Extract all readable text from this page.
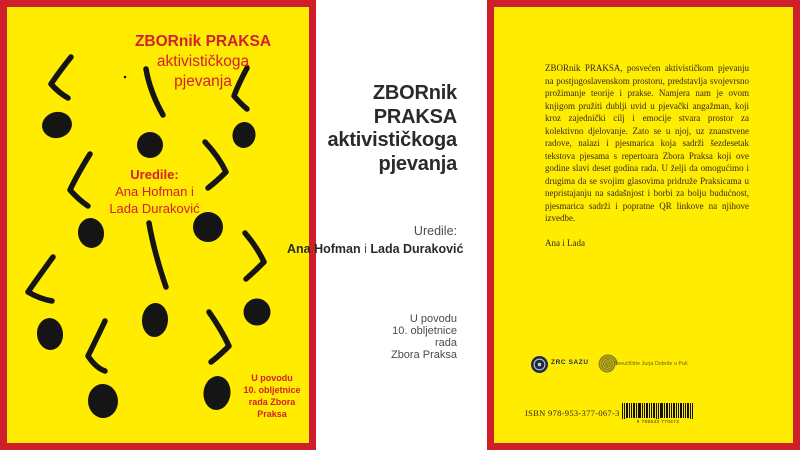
ZBORnik PRAKSA
aktivističkoga
pjevanja
Uredile:
Ana Hofman i
Lada Duraković
U povodu
10. obljetnice
rada Zbora
Praksa
ZBORnik
PRAKSA
aktivističkoga
pjevanja
Uredile:
Ana Hofman i Lada Duraković
U povodu
10. obljetnice
rada
Zbora Praksa
ZBORnik PRAKSA, posvećen aktivističkom pjevanju na postjugoslavenskom prostoru, predstavlja svojevrsno prožimanje teorije i prakse. Namjera nam je ovom knjigom pružiti dublji uvid u pjevački angažman, koji kroz zajednički cilj i emocije stvara prostor za kolektivno djelovanje. Zato se u njoj, uz znanstvene radove, nalazi i pjesmarica koja sadrži šezdesetak tekstova pjesama s repertoara Zbora Praksa koji ove godine slavi deset godina rada. U želji da omogućimo i drugima da se svojim glasovima pridruže Praksicama u nepristajanju na sadašnjost i borbi za bolju budućnost, pjesmarica sadrži i popratne QR linkove na njihove izvedbe.
Ana i Lada
ZRC SAZU	Sveučilište Jurja Dobrile u Puli
ISBN 978-953-377-067-3
9 789533 770673
